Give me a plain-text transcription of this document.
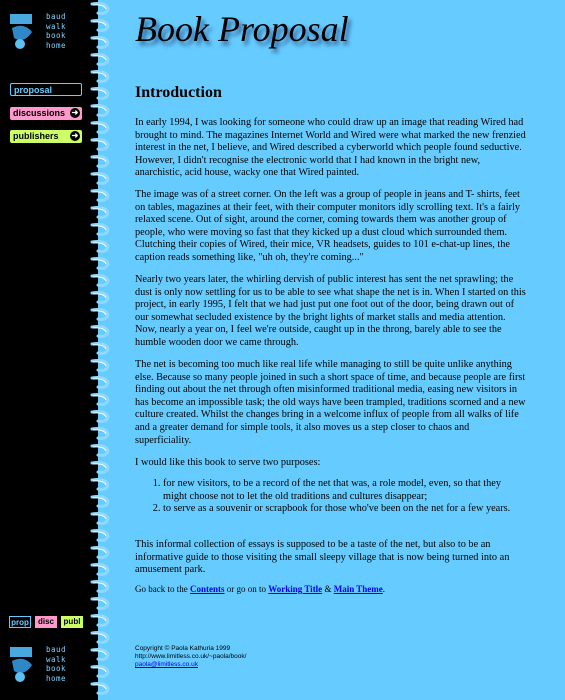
baud
walk
book
home
proposal
discussions ➜
publishers ➜
prop	disc	publ
baud
walk
book
home
Book Proposal
Introduction

In early 1994, I was looking for someone who could draw up an image that reading Wired had brought to mind. The magazines Internet World and Wired were what marked the new frenzied interest in the net, I believe, and Wired described a cyberworld which people found seductive. However, I didn't recognise the electronic world that I had known in the bright new, anarchistic, acid house, wacky one that Wired painted.

The image was of a street corner. On the left was a group of people in jeans and T- shirts, feet on tables, magazines at their feet, with their computer monitors idly scrolling text. It's a fairly relaxed scene. Out of sight, around the corner, coming towards them was another group of people, who were moving so fast that they kicked up a dust cloud which surrounded them. Clutching their copies of Wired, their mice, VR headsets, guides to 101 e-chat-up lines, the caption reads something like, "uh oh, they're coming..."

Nearly two years later, the whirling dervish of public interest has sent the net sprawling; the dust is only now settling for us to be able to see what shape the net is in. When I started on this project, in early 1995, I felt that we had just put one foot out of the door, being drawn out of our somewhat secluded existence by the bright lights of market stalls and media attention. Now, nearly a year on, I feel we're outside, caught up in the throng, barely able to see the humble wooden door we came through.

The net is becoming too much like real life while managing to still be quite unlike anything else. Because so many people joined in such a short space of time, and because people are first finding out about the net through often misinformed traditional media, easing new visitors in has become an impossible task; the old ways have been trampled, traditions scorned and a new culture created. Whilst the changes bring in a welcome influx of people from all walks of life and a greater demand for simple tools, it also moves us a step closer to chaos and superficiality.

I would like this book to serve two purposes:

1. for new visitors, to be a record of the net that was, a role model, even, so that they might choose not to let the old traditions and cultures disappear;
2. to serve as a souvenir or scrapbook for those who've been on the net for a few years.

This informal collection of essays is supposed to be a taste of the net, but also to be an informative guide to those visiting the small sleepy village that is now being turned into an amusement park.

Go back to the Contents or go on to Working Title & Main Theme.

Copyright © Paola Kathuria 1999
http://www.limitless.co.uk/~paola/book/
paola@limitless.co.uk
